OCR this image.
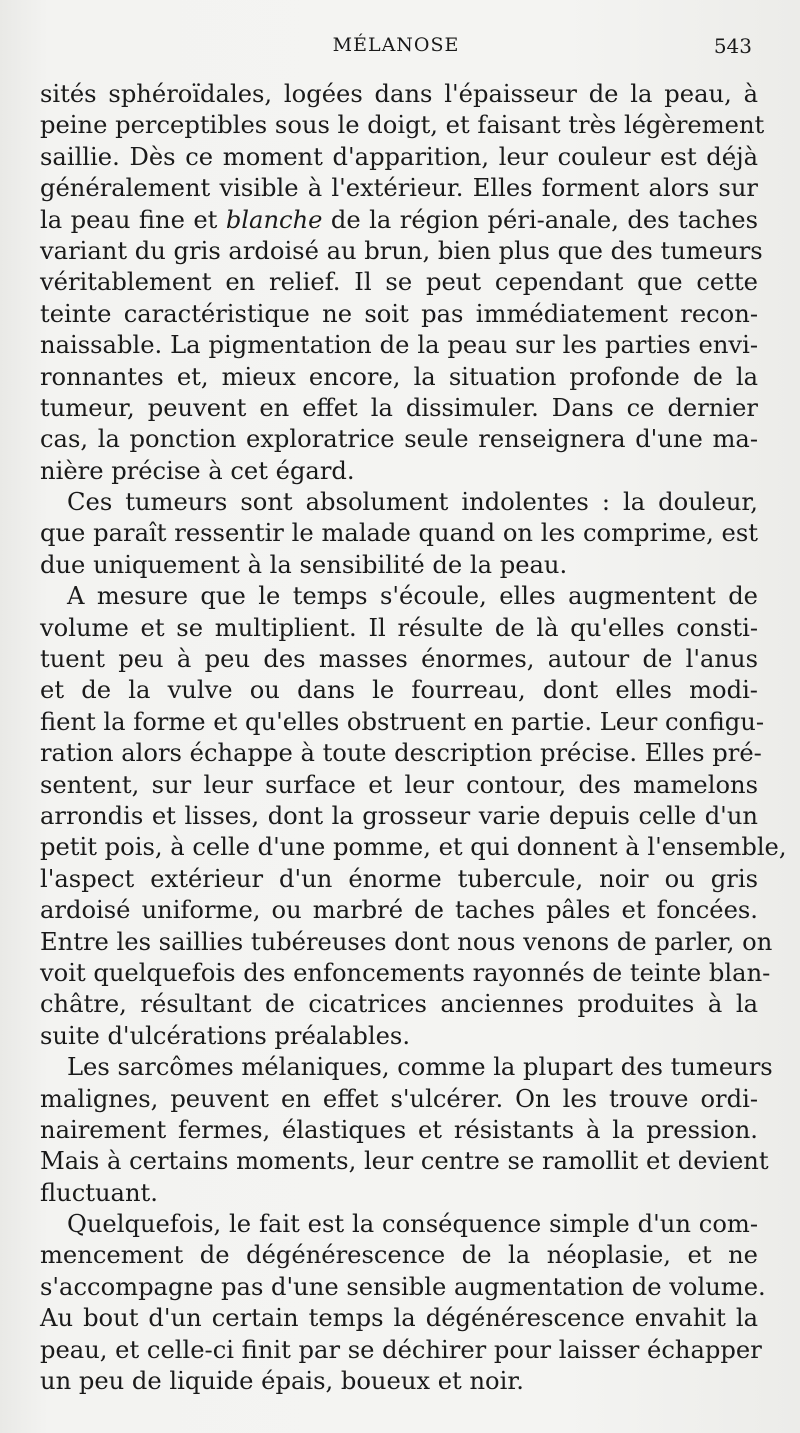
MÉLANOSE	543
sités sphéroïdales, logées dans l'épaisseur de la peau, à
peine perceptibles sous le doigt, et faisant très légèrement
saillie. Dès ce moment d'apparition, leur couleur est déjà
généralement visible à l'extérieur. Elles forment alors sur
la peau fine et blanche de la région péri-anale, des taches
variant du gris ardoisé au brun, bien plus que des tumeurs
véritablement en relief. Il se peut cependant que cette
teinte caractéristique ne soit pas immédiatement recon-
naissable. La pigmentation de la peau sur les parties envi-
ronnantes et, mieux encore, la situation profonde de la
tumeur, peuvent en effet la dissimuler. Dans ce dernier
cas, la ponction exploratrice seule renseignera d'une ma-
nière précise à cet égard.
Ces tumeurs sont absolument indolentes : la douleur,
que paraît ressentir le malade quand on les comprime, est
due uniquement à la sensibilité de la peau.
A mesure que le temps s'écoule, elles augmentent de
volume et se multiplient. Il résulte de là qu'elles consti-
tuent peu à peu des masses énormes, autour de l'anus
et de la vulve ou dans le fourreau, dont elles modi-
fient la forme et qu'elles obstruent en partie. Leur configu-
ration alors échappe à toute description précise. Elles pré-
sentent, sur leur surface et leur contour, des mamelons
arrondis et lisses, dont la grosseur varie depuis celle d'un
petit pois, à celle d'une pomme, et qui donnent à l'ensemble,
l'aspect extérieur d'un énorme tubercule, noir ou gris
ardoisé uniforme, ou marbré de taches pâles et foncées.
Entre les saillies tubéreuses dont nous venons de parler, on
voit quelquefois des enfoncements rayonnés de teinte blan-
châtre, résultant de cicatrices anciennes produites à la
suite d'ulcérations préalables.
Les sarcômes mélaniques, comme la plupart des tumeurs
malignes, peuvent en effet s'ulcérer. On les trouve ordi-
nairement fermes, élastiques et résistants à la pression.
Mais à certains moments, leur centre se ramollit et devient
fluctuant.
Quelquefois, le fait est la conséquence simple d'un com-
mencement de dégénérescence de la néoplasie, et ne
s'accompagne pas d'une sensible augmentation de volume.
Au bout d'un certain temps la dégénérescence envahit la
peau, et celle-ci finit par se déchirer pour laisser échapper
un peu de liquide épais, boueux et noir.
